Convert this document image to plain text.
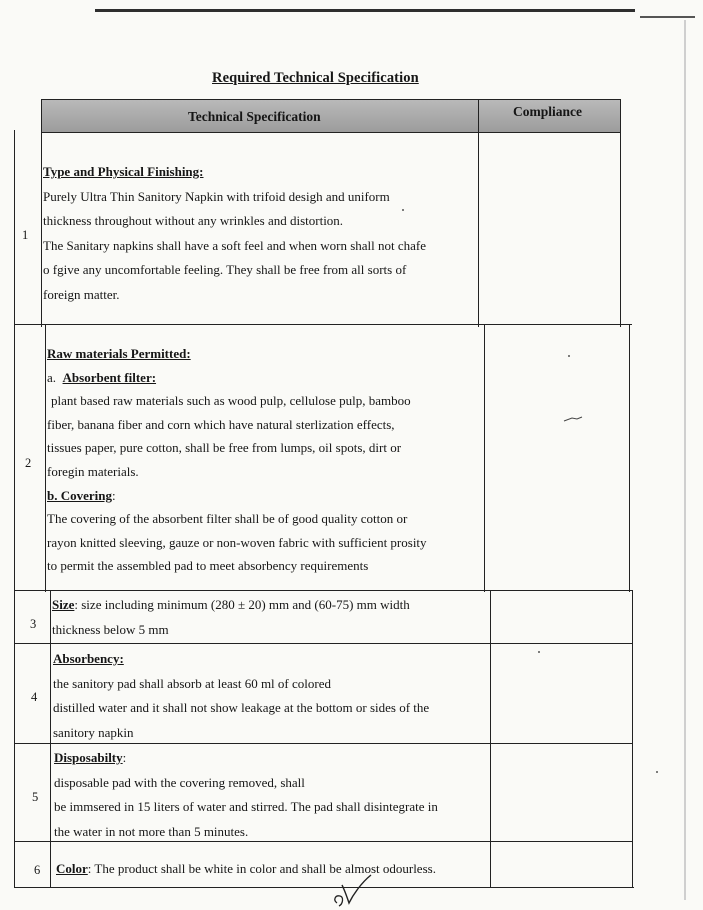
Required Technical Specification
Technical Specification	Compliance
1

Type and Physical Finishing:

Purely Ultra Thin Sanitory Napkin with trifoid desigh and uniform

thickness throughout without any wrinkles and distortion.

The Sanitary napkins shall have a soft feel and when worn shall not chafe

o fgive any uncomfortable feeling. They shall be free from all sorts of

foreign matter.

2

Raw materials Permitted:

a. Absorbent filter:

plant based raw materials such as wood pulp, cellulose pulp, bamboo

fiber, banana fiber and corn which have natural sterlization effects,

tissues paper, pure cotton, shall be free from lumps, oil spots, dirt or

foregin materials.

b. Covering:

The covering of the absorbent filter shall be of good quality cotton or

rayon knitted sleeving, gauze or non-woven fabric with sufficient prosity

to permit the assembled pad to meet absorbency requirements

3

Size: size including minimum (280 ± 20) mm and (60-75) mm width

thickness below 5 mm

4

Absorbency:

the sanitory pad shall absorb at least 60 ml of colored

distilled water and it shall not show leakage at the bottom or sides of the

sanitory napkin

5

Disposabilty:

disposable pad with the covering removed, shall

be immsered in 15 liters of water and stirred. The pad shall disintegrate in

the water in not more than 5 minutes.

6 Color: The product shall be white in color and shall be almost odourless.
